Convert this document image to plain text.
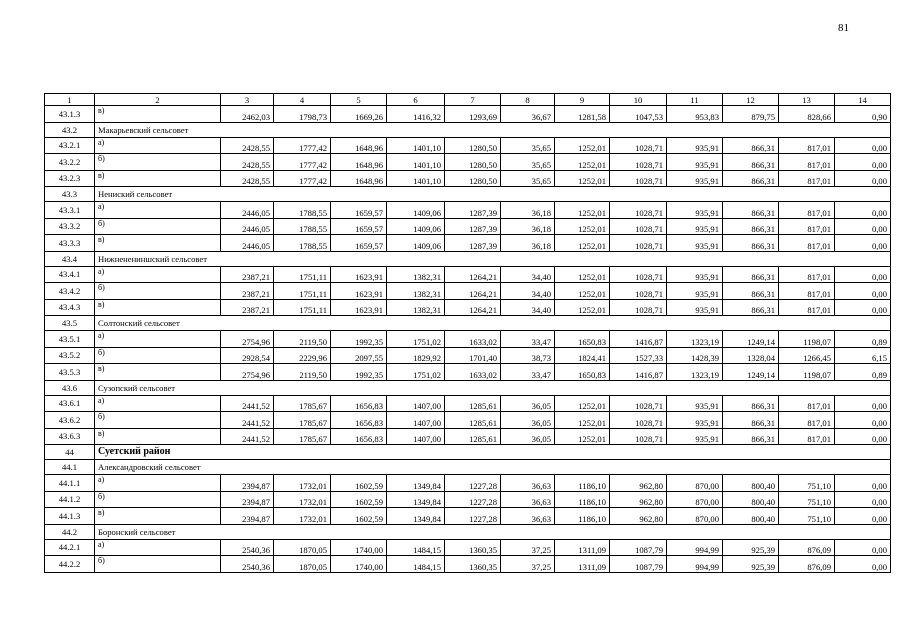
81
1	2	3	4	5	6	7	8	9	10	11	12	13	14
43.1.3	в)	2462,03	1798,73	1669,26	1416,32	1293,69	36,67	1281,58	1047,53	953,83	879,75	828,66	0,90
43.2	Макарьевский сельсовет												
43.2.1	а)	2428,55	1777,42	1648,96	1401,10	1280,50	35,65	1252,01	1028,71	935,91	866,31	817,01	0,00
43.2.2	б)	2428,55	1777,42	1648,96	1401,10	1280,50	35,65	1252,01	1028,71	935,91	866,31	817,01	0,00
43.2.3	в)	2428,55	1777,42	1648,96	1401,10	1280,50	35,65	1252,01	1028,71	935,91	866,31	817,01	0,00
43.3	Нениский сельсовет												
43.3.1	а)	2446,05	1788,55	1659,57	1409,06	1287,39	36,18	1252,01	1028,71	935,91	866,31	817,01	0,00
43.3.2	б)	2446,05	1788,55	1659,57	1409,06	1287,39	36,18	1252,01	1028,71	935,91	866,31	817,01	0,00
43.3.3	в)	2446,05	1788,55	1659,57	1409,06	1287,39	36,18	1252,01	1028,71	935,91	866,31	817,01	0,00
43.4	Нижненениншский сельсовет												
43.4.1	а)	2387,21	1751,11	1623,91	1382,31	1264,21	34,40	1252,01	1028,71	935,91	866,31	817,01	0,00
43.4.2	б)	2387,21	1751,11	1623,91	1382,31	1264,21	34,40	1252,01	1028,71	935,91	866,31	817,01	0,00
43.4.3	в)	2387,21	1751,11	1623,91	1382,31	1264,21	34,40	1252,01	1028,71	935,91	866,31	817,01	0,00
43.5	Солтонский сельсовет												
43.5.1	а)	2754,96	2119,50	1992,35	1751,02	1633,02	33,47	1650,83	1416,87	1323,19	1249,14	1198,07	0,89
43.5.2	б)	2928,54	2229,96	2097,55	1829,92	1701,40	38,73	1824,41	1527,33	1428,39	1328,04	1266,45	6,15
43.5.3	в)	2754,96	2119,50	1992,35	1751,02	1633,02	33,47	1650,83	1416,87	1323,19	1249,14	1198,07	0,89
43.6	Сузопский сельсовет												
43.6.1	а)	2441,52	1785,67	1656,83	1407,00	1285,61	36,05	1252,01	1028,71	935,91	866,31	817,01	0,00
43.6.2	б)	2441,52	1785,67	1656,83	1407,00	1285,61	36,05	1252,01	1028,71	935,91	866,31	817,01	0,00
43.6.3	в)	2441,52	1785,67	1656,83	1407,00	1285,61	36,05	1252,01	1028,71	935,91	866,31	817,01	0,00
44	Суетский район												
44.1	Александровский сельсовет												
44.1.1	а)	2394,87	1732,01	1602,59	1349,84	1227,28	36,63	1186,10	962,80	870,00	800,40	751,10	0,00
44.1.2	б)	2394,87	1732,01	1602,59	1349,84	1227,28	36,63	1186,10	962,80	870,00	800,40	751,10	0,00
44.1.3	в)	2394,87	1732,01	1602,59	1349,84	1227,28	36,63	1186,10	962,80	870,00	800,40	751,10	0,00
44.2	Боронский сельсовет												
44.2.1	а)	2540,36	1870,05	1740,00	1484,15	1360,35	37,25	1311,09	1087,79	994,99	925,39	876,09	0,00
44.2.2	б)	2540,36	1870,05	1740,00	1484,15	1360,35	37,25	1311,09	1087,79	994,99	925,39	876,09	0,00
